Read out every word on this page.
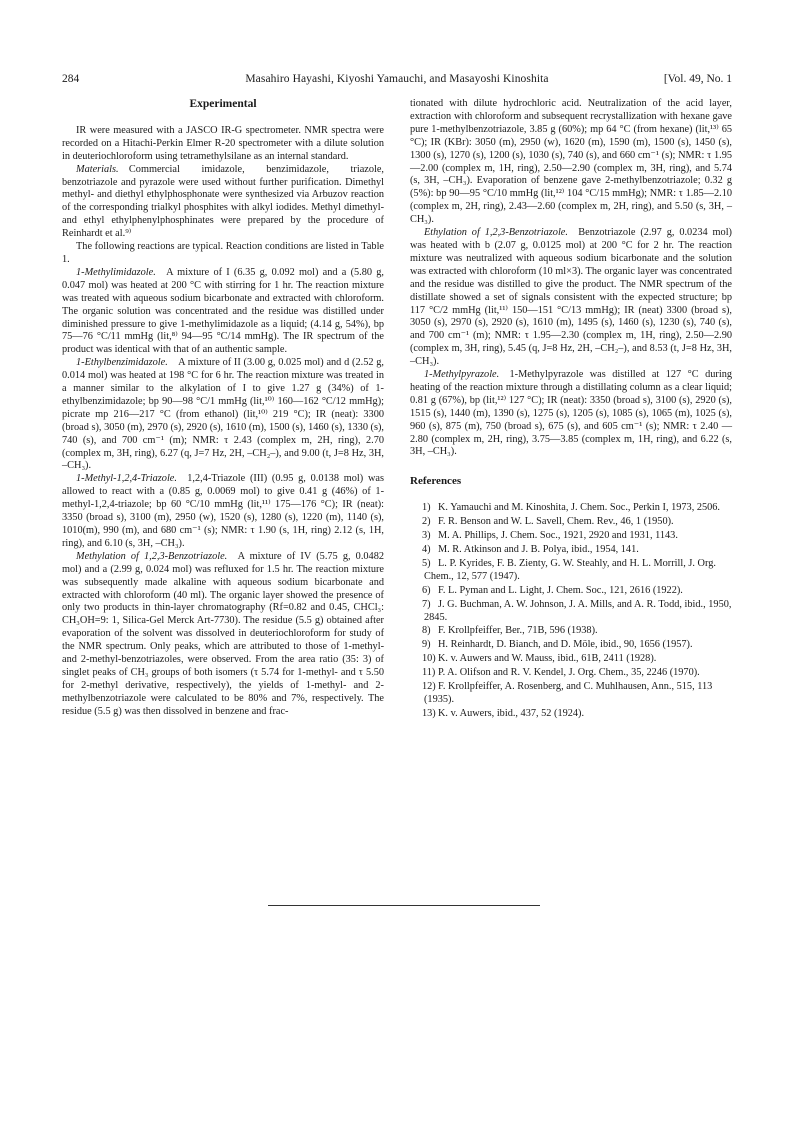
284	Masahiro Hayashi, Kiyoshi Yamauchi, and Masayoshi Kinoshita	[Vol. 49, No. 1
Experimental

IR were measured with a JASCO IR-G spectrometer. NMR spectra were recorded on a Hitachi-Perkin Elmer R-20 spectrometer with a dilute solution in deuteriochloroform using tetramethylsilane as an internal standard.

Materials.  Commercial imidazole, benzimidazole, triazole, benzotriazole and pyrazole were used without further purification. Dimethyl methyl- and diethyl ethylphosphonate were synthesized via Arbuzov reaction of the corresponding trialkyl phosphites with alkyl iodides. Methyl dimethyl- and ethyl ethylphenylphosphinates were prepared by the procedure of Reinhardt et al.⁹⁾

The following reactions are typical. Reaction conditions are listed in Table 1.

1-Methylimidazole.  A mixture of I (6.35 g, 0.092 mol) and a (5.80 g, 0.047 mol) was heated at 200 °C with stirring for 1 hr. The reaction mixture was treated with aqueous sodium bicarbonate and extracted with chloroform. The organic solution was concentrated and the residue was distilled under diminished pressure to give 1-methylimidazole as a liquid; (4.14 g, 54%), bp 75—76 °C/11 mmHg (lit,⁸⁾ 94—95 °C/14 mmHg). The IR spectrum of the product was identical with that of an authentic sample.

1-Ethylbenzimidazole.  A mixture of II (3.00 g, 0.025 mol) and d (2.52 g, 0.014 mol) was heated at 198 °C for 6 hr. The reaction mixture was treated in a manner similar to the alkylation of I to give 1.27 g (34%) of 1-ethylbenzimidazole; bp 90—98 °C/1 mmHg (lit,¹⁰⁾ 160—162 °C/12 mmHg); picrate mp 216—217 °C (from ethanol) (lit,¹⁰⁾ 219 °C); IR (neat): 3300 (broad s), 3050 (m), 2970 (s), 2920 (s), 1610 (m), 1500 (s), 1460 (s), 1330 (s), 740 (s), and 700 cm⁻¹ (m); NMR: τ 2.43 (complex m, 2H, ring), 2.70 (complex m, 3H, ring), 6.27 (q, J=7 Hz, 2H, –CH₂–), and 9.00 (t, J=8 Hz, 3H, –CH₃).

1-Methyl-1,2,4-Triazole.  1,2,4-Triazole (III) (0.95 g, 0.0138 mol) was allowed to react with a (0.85 g, 0.0069 mol) to give 0.41 g (46%) of 1-methyl-1,2,4-triazole; bp 60 °C/10 mmHg (lit,¹¹⁾ 175—176 °C); IR (neat): 3350 (broad s), 3100 (m), 2950 (w), 1520 (s), 1280 (s), 1220 (m), 1140 (s), 1010(m), 990 (m), and 680 cm⁻¹ (s); NMR: τ 1.90 (s, 1H, ring) 2.12 (s, 1H, ring), and 6.10 (s, 3H, –CH₃).

Methylation of 1,2,3-Benzotriazole.  A mixture of IV (5.75 g, 0.0482 mol) and a (2.99 g, 0.024 mol) was refluxed for 1.5 hr. The reaction mixture was subsequently made alkaline with aqueous sodium bicarbonate and extracted with chloroform (40 ml). The organic layer showed the presence of only two products in thin-layer chromatography (Rf=0.82 and 0.45, CHCl₃: CH₃OH=9: 1, Silica-Gel Merck Art-7730). The residue (5.5 g) obtained after evaporation of the solvent was dissolved in deuteriochloroform for study of the NMR spectrum. Only peaks, which are attributed to those of 1-methyl- and 2-methyl-benzotriazoles, were observed. From the area ratio (35: 3) of singlet peaks of CH₃ groups of both isomers (τ 5.74 for 1-methyl- and τ 5.50 for 2-methyl derivative, respectively), the yields of 1-methyl- and 2-methylbenzotriazole were calculated to be 80% and 7%, respectively. The residue (5.5 g) was then dissolved in benzene and frac-

tionated with dilute hydrochloric acid. Neutralization of the acid layer, extraction with chloroform and subsequent recrystallization with hexane gave pure 1-methylbenzotriazole, 3.85 g (60%); mp 64 °C (from hexane) (lit,¹³⁾ 65 °C); IR (KBr): 3050 (m), 2950 (w), 1620 (m), 1590 (m), 1500 (s), 1450 (s), 1300 (s), 1270 (s), 1200 (s), 1030 (s), 740 (s), and 660 cm⁻¹ (s); NMR: τ 1.95—2.00 (complex m, 1H, ring), 2.50—2.90 (complex m, 3H, ring), and 5.74 (s, 3H, –CH₃). Evaporation of benzene gave 2-methylbenzotriazole; 0.32 g (5%): bp 90—95 °C/10 mmHg (lit,¹²⁾ 104 °C/15 mmHg); NMR: τ 1.85—2.10 (complex m, 2H, ring), 2.43—2.60 (complex m, 2H, ring), and 5.50 (s, 3H, –CH₃).

Ethylation of 1,2,3-Benzotriazole.  Benzotriazole (2.97 g, 0.0234 mol) was heated with b (2.07 g, 0.0125 mol) at 200 °C for 2 hr. The reaction mixture was neutralized with aqueous sodium bicarbonate and the solution was extracted with chloroform (10 ml×3). The organic layer was concentrated and the residue was distilled to give the product. The NMR spectrum of the distillate showed a set of signals consistent with the expected structure; bp 117 °C/2 mmHg (lit,¹¹⁾ 150—151 °C/13 mmHg); IR (neat) 3300 (broad s), 3050 (s), 2970 (s), 2920 (s), 1610 (m), 1495 (s), 1460 (s), 1230 (s), 740 (s), and 700 cm⁻¹ (m); NMR: τ 1.95—2.30 (complex m, 1H, ring), 2.50—2.90 (complex m, 3H, ring), 5.45 (q, J=8 Hz, 2H, –CH₂–), and 8.53 (t, J=8 Hz, 3H, –CH₃).

1-Methylpyrazole.  1-Methylpyrazole was distilled at 127 °C during heating of the reaction mixture through a distillating column as a clear liquid; 0.81 g (67%), bp (lit,¹²⁾ 127 °C); IR (neat): 3350 (broad s), 3100 (s), 2920 (s), 1515 (s), 1440 (m), 1390 (s), 1275 (s), 1205 (s), 1085 (s), 1065 (m), 1025 (s), 960 (s), 875 (m), 750 (broad s), 675 (s), and 605 cm⁻¹ (s); NMR: τ 2.40 —2.80 (complex m, 2H, ring), 3.75—3.85 (complex m, 1H, ring), and 6.22 (s, 3H, –CH₃).

References
1) K. Yamauchi and M. Kinoshita, J. Chem. Soc., Perkin I, 1973, 2506.
2) F. R. Benson and W. L. Savell, Chem. Rev., 46, 1 (1950).
3) M. A. Phillips, J. Chem. Soc., 1921, 2920 and 1931, 1143.
4) M. R. Atkinson and J. B. Polya, ibid., 1954, 141.
5) L. P. Kyrides, F. B. Zienty, G. W. Steahly, and H. L. Morrill, J. Org. Chem., 12, 577 (1947).
6) F. L. Pyman and L. Light, J. Chem. Soc., 121, 2616 (1922).
7) J. G. Buchman, A. W. Johnson, J. A. Mills, and A. R. Todd, ibid., 1950, 2845.
8) F. Krollpfeiffer, Ber., 71B, 596 (1938).
9) H. Reinhardt, D. Bianch, and D. Möle, ibid., 90, 1656 (1957).
10) K. v. Auwers and W. Mauss, ibid., 61B, 2411 (1928).
11) P. A. Olifson and R. V. Kendel, J. Org. Chem., 35, 2246 (1970).
12) F. Krollpfeiffer, A. Rosenberg, and C. Muhlhausen, Ann., 515, 113 (1935).
13) K. v. Auwers, ibid., 437, 52 (1924).
